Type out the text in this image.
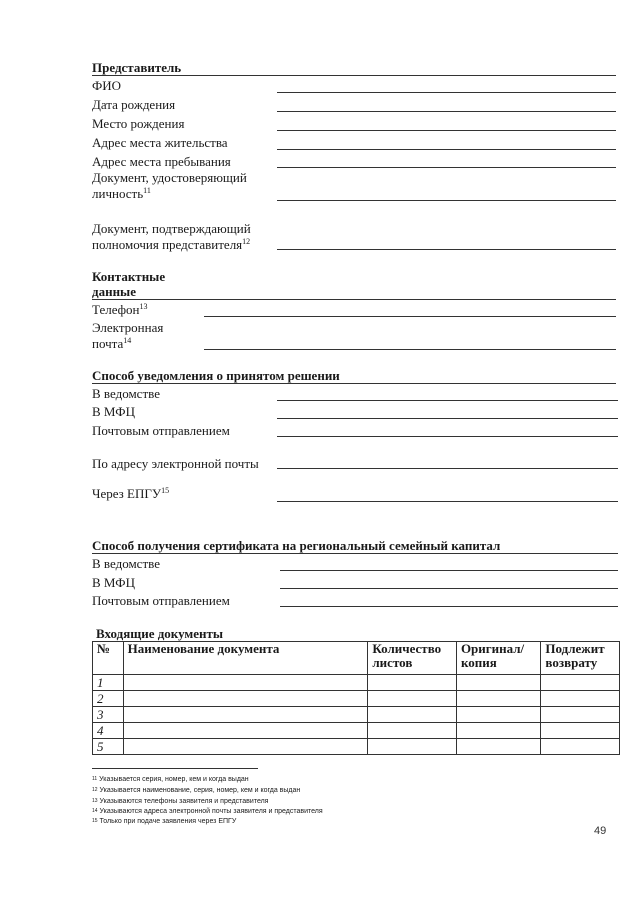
Представитель
ФИО
Дата рождения
Место рождения
Адрес места жительства
Адрес места пребывания
Документ, удостоверяющий
личность$^{11}$
Документ, подтверждающий
полномочия представителя$^{12}$
Контактные
данные
Телефон$^{13}$
Электронная
почта$^{14}$
Способ уведомления о принятом решении
В ведомстве
В МФЦ
Почтовым отправлением
По адресу электронной почты
Через ЕПГУ$^{15}$
Способ получения сертификата на региональный семейный капитал
В ведомстве
В МФЦ
Почтовым отправлением
Входящие документы
№	Наименование документа	Количество листов	Оригинал/ копия	Подлежит возврату
1				
2				
3				
4				
5				
$^{11}$ Указывается серия, номер, кем и когда выдан
$^{12}$ Указывается наименование, серия, номер, кем и когда выдан
$^{13}$ Указываются телефоны заявителя и представителя
$^{14}$ Указываются адреса электронной почты заявителя и представителя
$^{15}$ Только при подаче заявления через ЕПГУ
49
